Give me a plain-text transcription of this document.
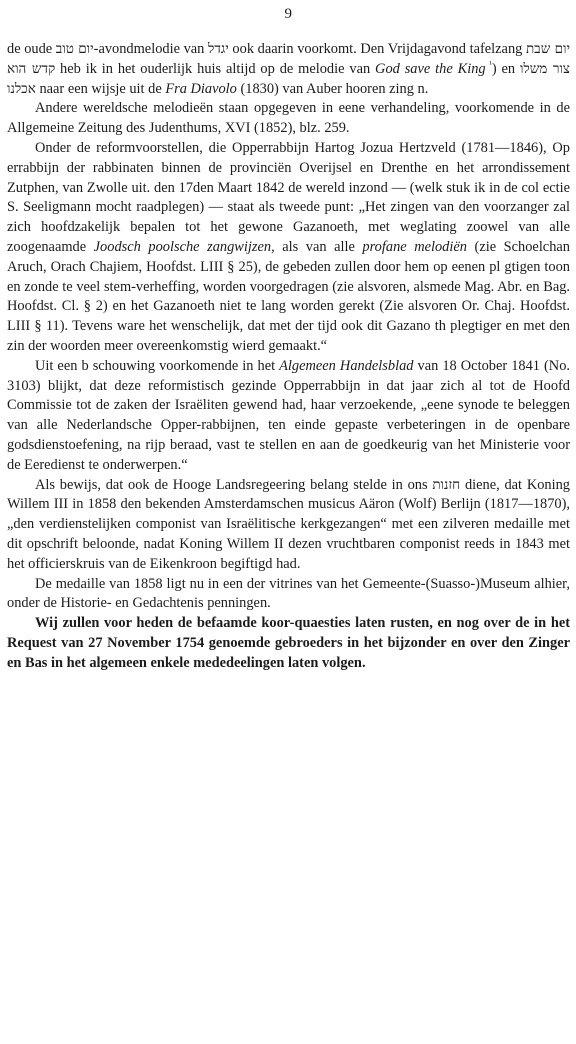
9

de oude יום טוב-avondmelodie van יגדל ook daarin voorkomt. Den Vrijdagavond tafelzang יום שבת קדש הוא heb ik in het ouderlijk huis altijd op de melodie van God save the King $^{^1}$) en צור משלו אכלנו naar een wijsje uit de Fra Diavolo (1830) van Auber hooren zing n.

Andere wereldsche melodieën staan opgegeven in eene verhandeling, voorkomende in de Allgemeine Zeitung des Judenthums, XVI (1852), blz. 259.

Onder de reformvoorstellen, die Opperrabbijn Hartog Jozua Hertzveld (1781—1846), Op errabbijn der rabbinaten binnen de provinciën Overijsel en Drenthe en het arrondissement Zutphen, van Zwolle uit. den 17den Maart 1842 de wereld inzond — (welk stuk ik in de col ectie S. Seeligmann mocht raadplegen) — staat als tweede punt: „Het zingen van den voorzanger zal zich hoofdzakelijk bepalen tot het gewone Gazanoeth, met weglating zoowel van alle zoogenaamde Joodsch poolsche zangwijzen, als van alle profane melodiën (zie Schoelchan Aruch, Orach Chajiem, Hoofdst. LIII § 25), de gebeden zullen door hem op eenen pl gtigen toon en zonde te veel stem-verheffing, worden voorgedragen (zie alsvoren, alsmede Mag. Abr. en Bag. Hoofdst. Cl. § 2) en het Gazanoeth niet te lang worden gerekt (Zie alsvoren Or. Chaj. Hoofdst. LIII § 11). Tevens ware het wenschelijk, dat met der tijd ook dit Gazano th plegtiger en met den zin der woorden meer overeenkomstig wierd gemaakt.“

Uit een b schouwing voorkomende in het Algemeen Handelsblad van 18 October 1841 (No. 3103) blijkt, dat deze reformistisch gezinde Opperrabbijn in dat jaar zich al tot de Hoofd Commissie tot de zaken der Israëliten gewend had, haar verzoekende, „eene synode te beleggen van alle Nederlandsche Opper-rabbijnen, ten einde gepaste verbeteringen in de openbare godsdienstoefening, na rijp beraad, vast te stellen en aan de goedkeurig van het Ministerie voor de Eeredienst te onderwerpen.“

Als bewijs, dat ook de Hooge Landsregeering belang stelde in ons חזנות diene, dat Koning Willem III in 1858 den bekenden Amsterdamschen musicus Aäron (Wolf) Berlijn (1817—1870), „den verdienstelijken componist van Israëlitische kerkgezangen“ met een zilveren medaille met dit opschrift beloonde, nadat Koning Willem II dezen vruchtbaren componist reeds in 1843 met het officierskruis van de Eikenkroon begiftigd had.

De medaille van 1858 ligt nu in een der vitrines van het Gemeente-(Suasso-)Museum alhier, onder de Historie- en Gedachtenis penningen.

Wij zullen voor heden de befaamde koor-quaesties laten rusten, en nog over de in het Request van 27 November 1754 genoemde gebroeders in het bijzonder en over den Zinger en Bas in het algemeen enkele mededeelingen laten volgen.
